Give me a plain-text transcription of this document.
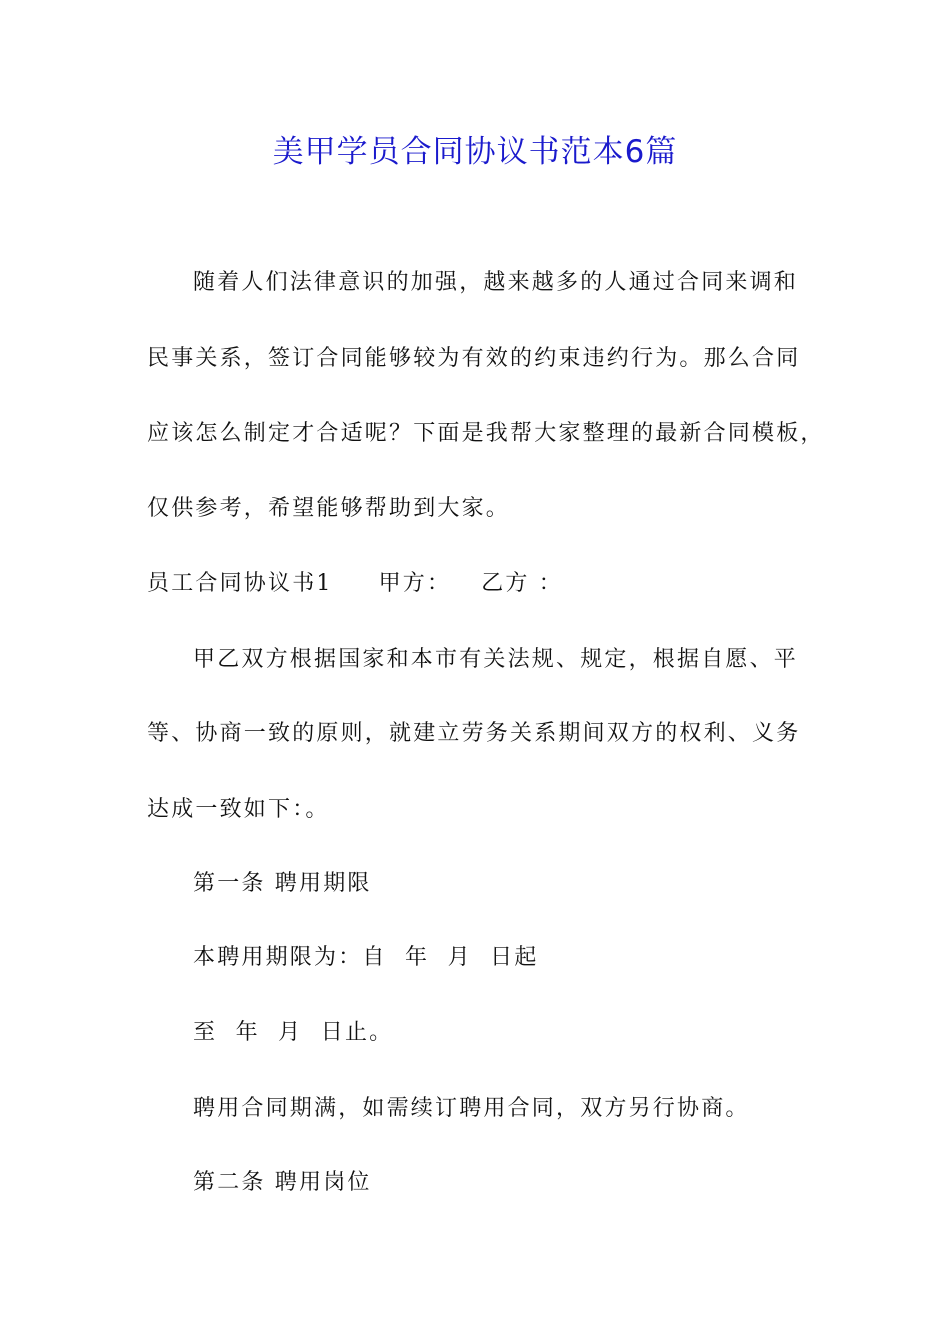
美甲学员合同协议书范本6篇
随着人们法律意识的加强，越来越多的人通过合同来调和
民事关系，签订合同能够较为有效的约束违约行为。那么合同
应该怎么制定才合适呢？下面是我帮大家整理的最新合同模板，
仅供参考，希望能够帮助到大家。
员工合同协议书1 甲方： 乙方 ：
甲乙双方根据国家和本市有关法规、规定，根据自愿、平
等、协商一致的原则，就建立劳务关系期间双方的权利、义务
达成一致如下：。
第一条 聘用期限
本聘用期限为：自  年  月  日起
至  年  月  日止。
聘用合同期满，如需续订聘用合同，双方另行协商。
第二条 聘用岗位
